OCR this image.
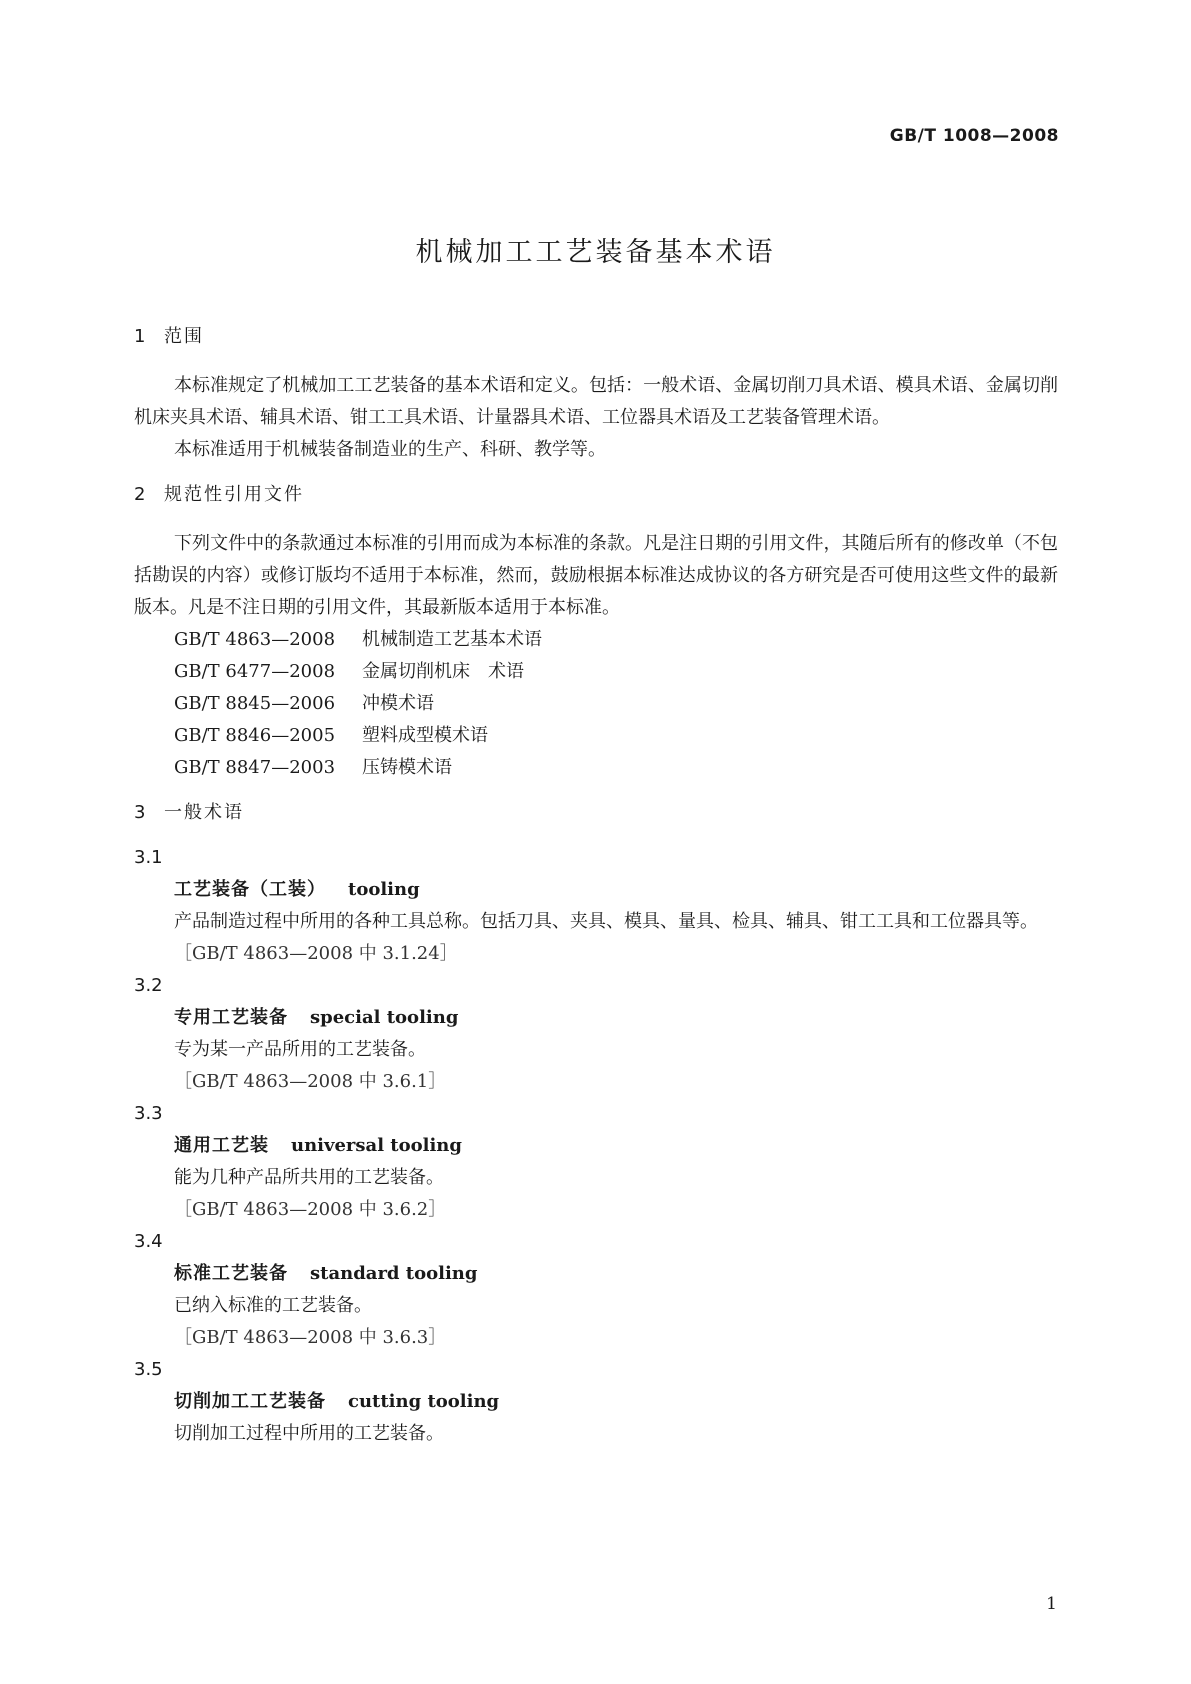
GB/T 1008—2008
机械加工工艺装备基本术语
1 范围

本标准规定了机械加工工艺装备的基本术语和定义。包括：一般术语、金属切削刀具术语、模具术语、金属切削机床夹具术语、辅具术语、钳工工具术语、计量器具术语、工位器具术语及工艺装备管理术语。

本标准适用于机械装备制造业的生产、科研、教学等。

2 规范性引用文件

下列文件中的条款通过本标准的引用而成为本标准的条款。凡是注日期的引用文件，其随后所有的修改单（不包括勘误的内容）或修订版均不适用于本标准，然而，鼓励根据本标准达成协议的各方研究是否可使用这些文件的最新版本。凡是不注日期的引用文件，其最新版本适用于本标准。

GB/T 4863—2008 机械制造工艺基本术语
GB/T 6477—2008 金属切削机床　术语
GB/T 8845—2006 冲模术语
GB/T 8846—2005 塑料成型模术语
GB/T 8847—2003 压铸模术语
3 一般术语
3.1
工艺装备（工装） tooling

产品制造过程中所用的各种工具总称。包括刀具、夹具、模具、量具、检具、辅具、钳工工具和工位器具等。

［GB/T 4863—2008 中 3.1.24］
3.2
专用工艺装备 special tooling

专为某一产品所用的工艺装备。

［GB/T 4863—2008 中 3.6.1］
3.3
通用工艺装 universal tooling

能为几种产品所共用的工艺装备。

［GB/T 4863—2008 中 3.6.2］
3.4
标准工艺装备 standard tooling

已纳入标准的工艺装备。

［GB/T 4863—2008 中 3.6.3］
3.5
切削加工工艺装备 cutting tooling

切削加工过程中所用的工艺装备。

1
